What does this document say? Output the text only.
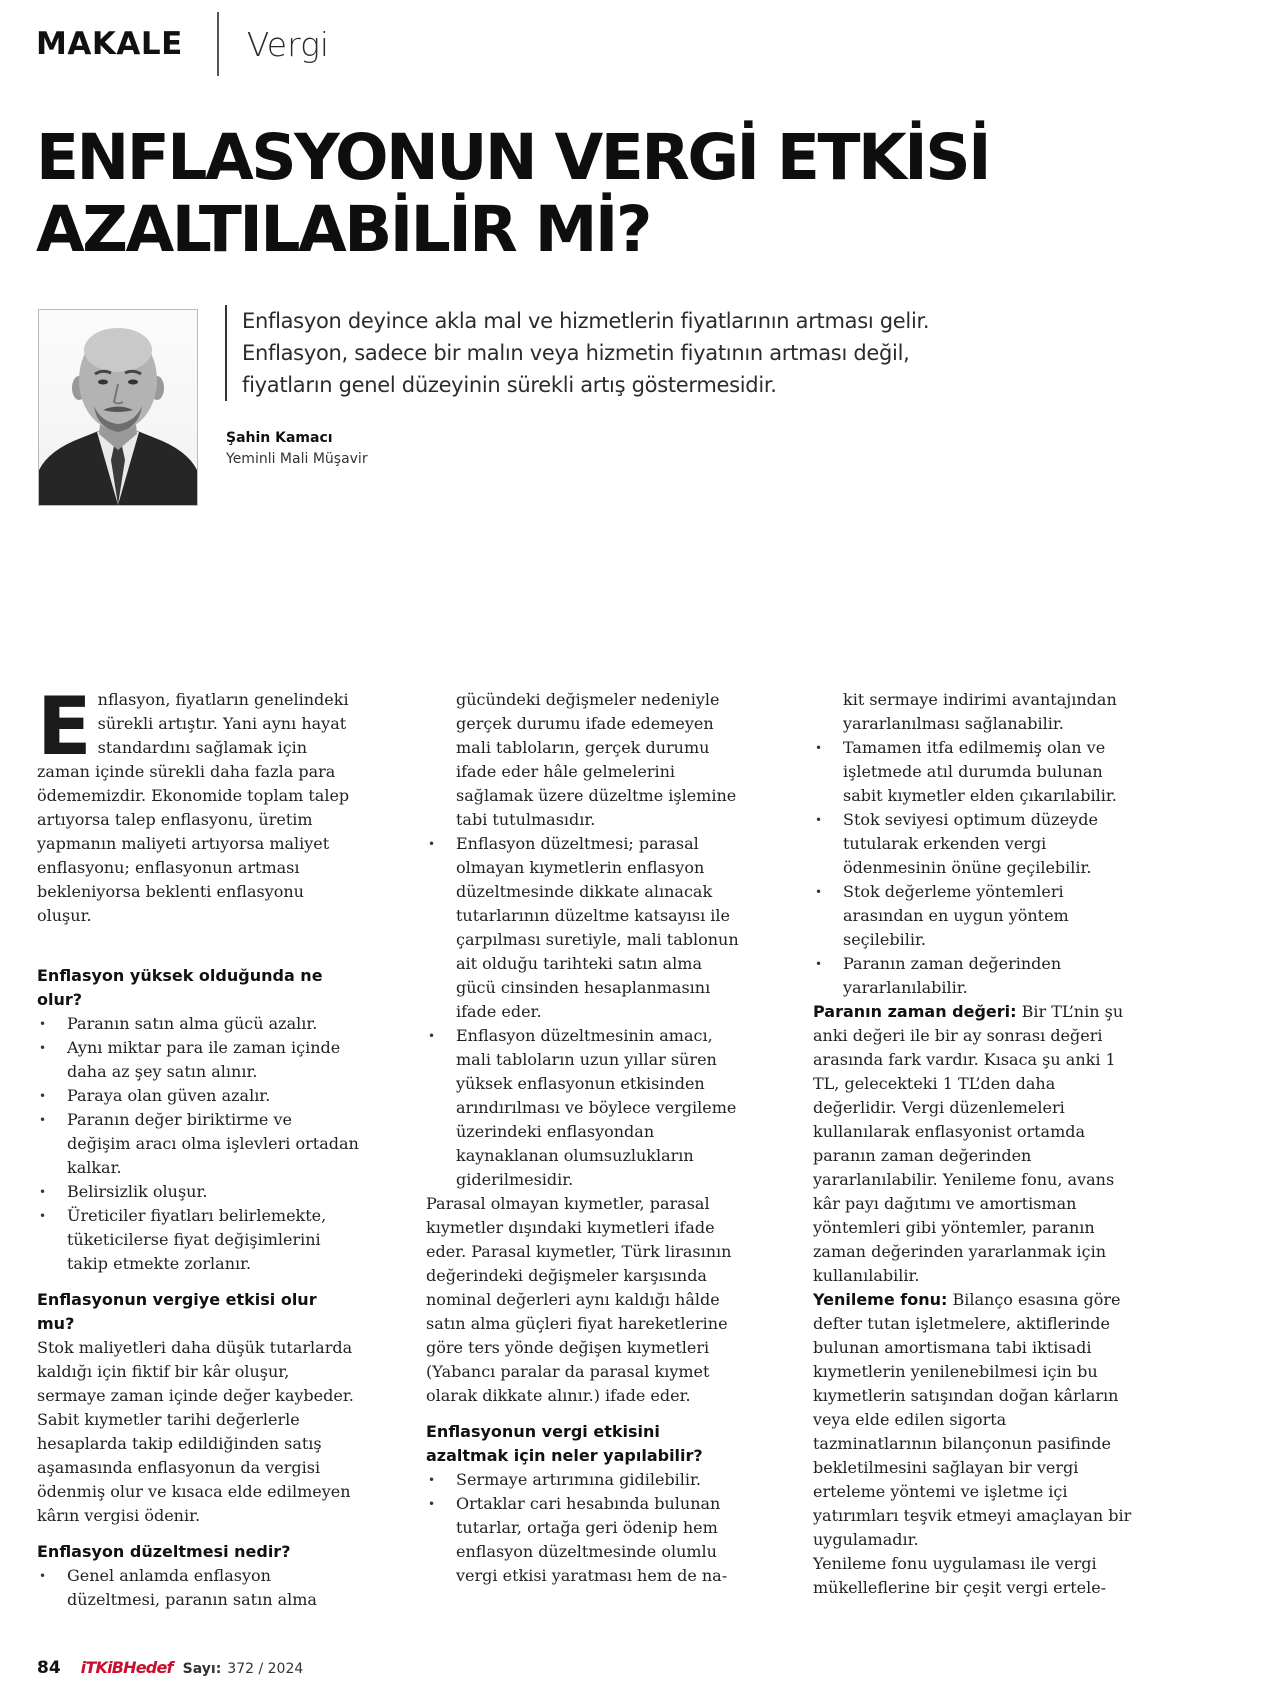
MAKALE Vergi
ENFLASYONUN VERGİ ETKİSİ
AZALTILABİLİR Mİ?

Enflasyon deyince akla mal ve hizmetlerin fiyatlarının artması gelir.

Enflasyon, sadece bir malın veya hizmetin fiyatının artması değil,

fiyatların genel düzeyinin sürekli artış göstermesidir.

Şahin Kamacı
Yeminli Mali Müşavir

Enflasyon, fiyatların genelindeki sürekli artıştır. Yani aynı hayat standardını sağlamak için zaman içinde sürekli daha fazla para ödememizdir. Ekonomide toplam talep artıyorsa talep enflasyonu, üretim yapmanın maliyeti artıyorsa maliyet enflasyonu; enflasyonun artması bekleniyorsa beklenti enflasyonu oluşur.

Enflasyon yüksek olduğunda ne olur?
• Paranın satın alma gücü azalır.
• Aynı miktar para ile zaman içinde daha az şey satın alınır.
• Paraya olan güven azalır.
• Paranın değer biriktirme ve değişim aracı olma işlevleri ortadan kalkar.
• Belirsizlik oluşur.
• Üreticiler fiyatları belirlemekte, tüketicilerse fiyat değişimlerini takip etmekte zorlanır.
Enflasyonun vergiye etkisi olur mu?

Stok maliyetleri daha düşük tutarlarda kaldığı için fiktif bir kâr oluşur, sermaye zaman içinde değer kaybeder. Sabit kıymetler tarihi değerlerle hesaplarda takip edildiğinden satış aşamasında enflasyonun da vergisi ödenmiş olur ve kısaca elde edilmeyen kârın vergisi ödenir.

Enflasyon düzeltmesi nedir?
• Genel anlamda enflasyon düzeltmesi, paranın satın alma

gücündeki değişmeler nedeniyle gerçek durumu ifade edemeyen mali tabloların, gerçek durumu ifade eder hâle gelmelerini sağlamak üzere düzeltme işlemine tabi tutulmasıdır.

• Enflasyon düzeltmesi; parasal olmayan kıymetlerin enflasyon düzeltmesinde dikkate alınacak tutarlarının düzeltme katsayısı ile çarpılması suretiyle, mali tablonun ait olduğu tarihteki satın alma gücü cinsinden hesaplanmasını ifade eder.
• Enflasyon düzeltmesinin amacı, mali tabloların uzun yıllar süren yüksek enflasyonun etkisinden arındırılması ve böylece vergileme üzerindeki enflasyondan kaynaklanan olumsuzlukların giderilmesidir.

Parasal olmayan kıymetler, parasal kıymetler dışındaki kıymetleri ifade eder. Parasal kıymetler, Türk lirasının değerindeki değişmeler karşısında nominal değerleri aynı kaldığı hâlde satın alma güçleri fiyat hareketlerine göre ters yönde değişen kıymetleri (Yabancı paralar da parasal kıymet olarak dikkate alınır.) ifade eder.

Enflasyonun vergi etkisini azaltmak için neler yapılabilir?
• Sermaye artırımına gidilebilir.
• Ortaklar cari hesabında bulunan tutarlar, ortağa geri ödenip hem enflasyon düzeltmesinde olumlu vergi etkisi yaratması hem de na-

kit sermaye indirimi avantajından yararlanılması sağlanabilir.

• Tamamen itfa edilmemiş olan ve işletmede atıl durumda bulunan sabit kıymetler elden çıkarılabilir.
• Stok seviyesi optimum düzeyde tutularak erkenden vergi ödenmesinin önüne geçilebilir.
• Stok değerleme yöntemleri arasından en uygun yöntem seçilebilir.
• Paranın zaman değerinden yararlanılabilir.

Paranın zaman değeri: Bir TL’nin şu anki değeri ile bir ay sonrası değeri arasında fark vardır. Kısaca şu anki 1 TL, gelecekteki 1 TL’den daha değerlidir. Vergi düzenlemeleri kullanılarak enflasyonist ortamda paranın zaman değerinden yararlanılabilir. Yenileme fonu, avans kâr payı dağıtımı ve amortisman yöntemleri gibi yöntemler, paranın zaman değerinden yararlanmak için kullanılabilir.

Yenileme fonu: Bilanço esasına göre defter tutan işletmelere, aktiflerinde bulunan amortismana tabi iktisadi kıymetlerin yenilenebilmesi için bu kıymetlerin satışından doğan kârların veya elde edilen sigorta tazminatlarının bilançonun pasifinde bekletilmesini sağlayan bir vergi erteleme yöntemi ve işletme içi yatırımları teşvik etmeyi amaçlayan bir uygulamadır.

Yenileme fonu uygulaması ile vergi mükelleflerine bir çeşit vergi ertele-

84 iTKiBHedef Sayı: 372 / 2024
